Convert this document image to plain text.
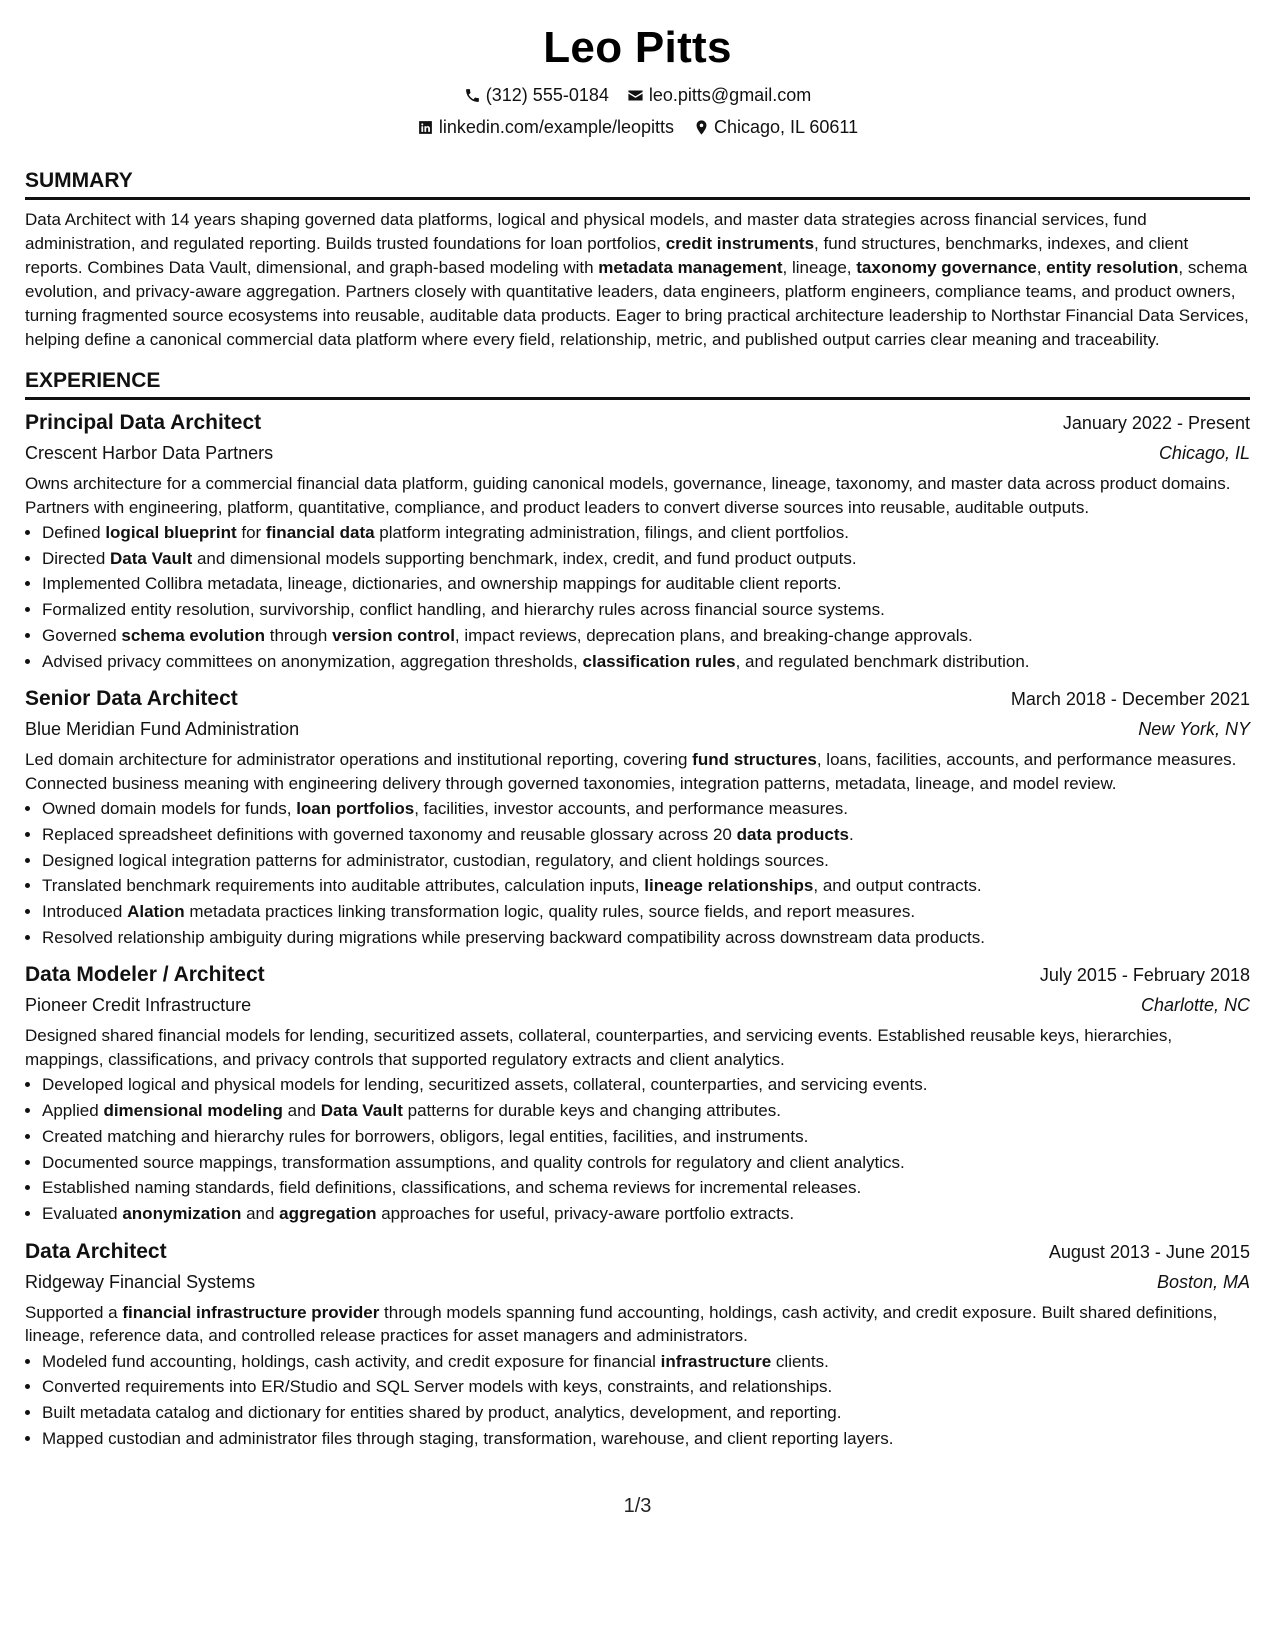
Leo Pitts
(312) 555-0184 leo.pitts@gmail.com
linkedin.com/example/leopitts Chicago, IL 60611
SUMMARY

Data Architect with 14 years shaping governed data platforms, logical and physical models, and master data strategies across financial services, fund administration, and regulated reporting. Builds trusted foundations for loan portfolios, credit instruments, fund structures, benchmarks, indexes, and client reports. Combines Data Vault, dimensional, and graph-based modeling with metadata management, lineage, taxonomy governance, entity resolution, schema evolution, and privacy-aware aggregation. Partners closely with quantitative leaders, data engineers, platform engineers, compliance teams, and product owners, turning fragmented source ecosystems into reusable, auditable data products. Eager to bring practical architecture leadership to Northstar Financial Data Services, helping define a canonical commercial data platform where every field, relationship, metric, and published output carries clear meaning and traceability.

EXPERIENCE
Principal Data Architect	January 2022 - Present
Crescent Harbor Data Partners	Chicago, IL

Owns architecture for a commercial financial data platform, guiding canonical models, governance, lineage, taxonomy, and master data across product domains. Partners with engineering, platform, quantitative, compliance, and product leaders to convert diverse sources into reusable, auditable outputs.

• Defined logical blueprint for financial data platform integrating administration, filings, and client portfolios.
• Directed Data Vault and dimensional models supporting benchmark, index, credit, and fund product outputs.
• Implemented Collibra metadata, lineage, dictionaries, and ownership mappings for auditable client reports.
• Formalized entity resolution, survivorship, conflict handling, and hierarchy rules across financial source systems.
• Governed schema evolution through version control, impact reviews, deprecation plans, and breaking-change approvals.
• Advised privacy committees on anonymization, aggregation thresholds, classification rules, and regulated benchmark distribution.
Senior Data Architect	March 2018 - December 2021
Blue Meridian Fund Administration	New York, NY

Led domain architecture for administrator operations and institutional reporting, covering fund structures, loans, facilities, accounts, and performance measures. Connected business meaning with engineering delivery through governed taxonomies, integration patterns, metadata, lineage, and model review.

• Owned domain models for funds, loan portfolios, facilities, investor accounts, and performance measures.
• Replaced spreadsheet definitions with governed taxonomy and reusable glossary across 20 data products.
• Designed logical integration patterns for administrator, custodian, regulatory, and client holdings sources.
• Translated benchmark requirements into auditable attributes, calculation inputs, lineage relationships, and output contracts.
• Introduced Alation metadata practices linking transformation logic, quality rules, source fields, and report measures.
• Resolved relationship ambiguity during migrations while preserving backward compatibility across downstream data products.
Data Modeler / Architect	July 2015 - February 2018
Pioneer Credit Infrastructure	Charlotte, NC

Designed shared financial models for lending, securitized assets, collateral, counterparties, and servicing events. Established reusable keys, hierarchies, mappings, classifications, and privacy controls that supported regulatory extracts and client analytics.

• Developed logical and physical models for lending, securitized assets, collateral, counterparties, and servicing events.
• Applied dimensional modeling and Data Vault patterns for durable keys and changing attributes.
• Created matching and hierarchy rules for borrowers, obligors, legal entities, facilities, and instruments.
• Documented source mappings, transformation assumptions, and quality controls for regulatory and client analytics.
• Established naming standards, field definitions, classifications, and schema reviews for incremental releases.
• Evaluated anonymization and aggregation approaches for useful, privacy-aware portfolio extracts.
Data Architect	August 2013 - June 2015
Ridgeway Financial Systems	Boston, MA

Supported a financial infrastructure provider through models spanning fund accounting, holdings, cash activity, and credit exposure. Built shared definitions, lineage, reference data, and controlled release practices for asset managers and administrators.

• Modeled fund accounting, holdings, cash activity, and credit exposure for financial infrastructure clients.
• Converted requirements into ER/Studio and SQL Server models with keys, constraints, and relationships.
• Built metadata catalog and dictionary for entities shared by product, analytics, development, and reporting.
• Mapped custodian and administrator files through staging, transformation, warehouse, and client reporting layers.
1/3
